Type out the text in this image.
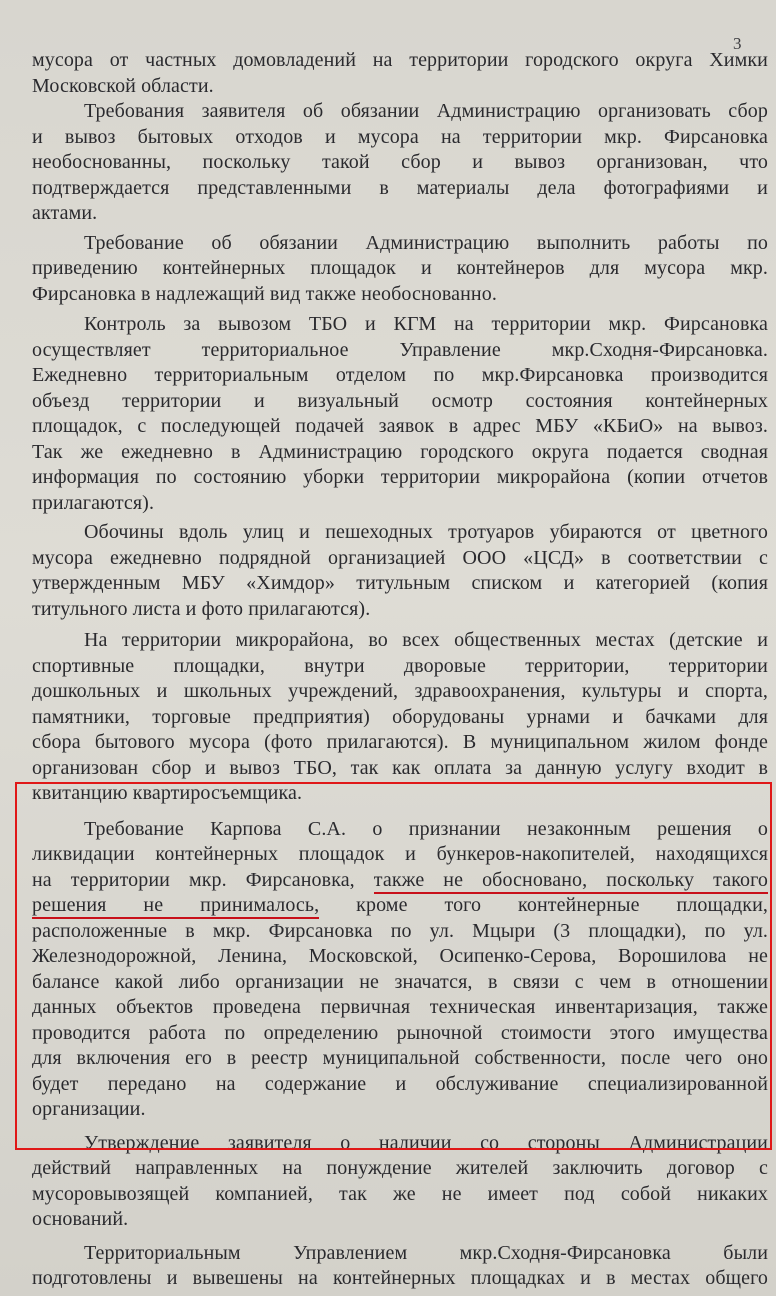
3
мусора от частных домовладений на территории городского округа Химки
Московской области.
Требования заявителя об обязании Администрацию организовать сбор
и вывоз бытовых отходов и мусора на территории мкр. Фирсановка
необоснованны, поскольку такой сбор и вывоз организован, что
подтверждается представленными в материалы дела фотографиями и
актами.
Требование об обязании Администрацию выполнить работы по
приведению контейнерных площадок и контейнеров для мусора мкр.
Фирсановка в надлежащий вид также необоснованно.
Контроль за вывозом ТБО и КГМ на территории мкр. Фирсановка
осуществляет территориальное Управление мкр.Сходня-Фирсановка.
Ежедневно территориальным отделом по мкр.Фирсановка производится
объезд территории и визуальный осмотр состояния контейнерных
площадок, с последующей подачей заявок в адрес МБУ «КБиО» на вывоз.
Так же ежедневно в Администрацию городского округа подается сводная
информация по состоянию уборки территории микрорайона (копии отчетов
прилагаются).
Обочины вдоль улиц и пешеходных тротуаров убираются от цветного
мусора ежедневно подрядной организацией ООО «ЦСД» в соответствии с
утвержденным МБУ «Химдор» титульным списком и категорией (копия
титульного листа и фото прилагаются).
На территории микрорайона, во всех общественных местах (детские и
спортивные площадки, внутри дворовые территории, территории
дошкольных и школьных учреждений, здравоохранения, культуры и спорта,
памятники, торговые предприятия) оборудованы урнами и бачками для
сбора бытового мусора (фото прилагаются). В муниципальном жилом фонде
организован сбор и вывоз ТБО, так как оплата за данную услугу входит в
квитанцию квартиросъемщика.
Требование Карпова С.А. о признании незаконным решения о
ликвидации контейнерных площадок и бункеров-накопителей, находящихся
на территории мкр. Фирсановка, также не обосновано, поскольку такого
решения не принималось, кроме того контейнерные площадки,
расположенные в мкр. Фирсановка по ул. Мцыри (3 площадки), по ул.
Железнодорожной, Ленина, Московской, Осипенко-Серова, Ворошилова не
балансе какой либо организации не значатся, в связи с чем в отношении
данных объектов проведена первичная техническая инвентаризация, также
проводится работа по определению рыночной стоимости этого имущества
для включения его в реестр муниципальной собственности, после чего оно
будет передано на содержание и обслуживание специализированной
организации.
Утверждение заявителя о наличии со стороны Администрации
действий направленных на понуждение жителей заключить договор с
мусоровывозящей компанией, так же не имеет под собой никаких
оснований.
Территориальным Управлением мкр.Сходня-Фирсановка были
подготовлены и вывешены на контейнерных площадках и в местах общего
